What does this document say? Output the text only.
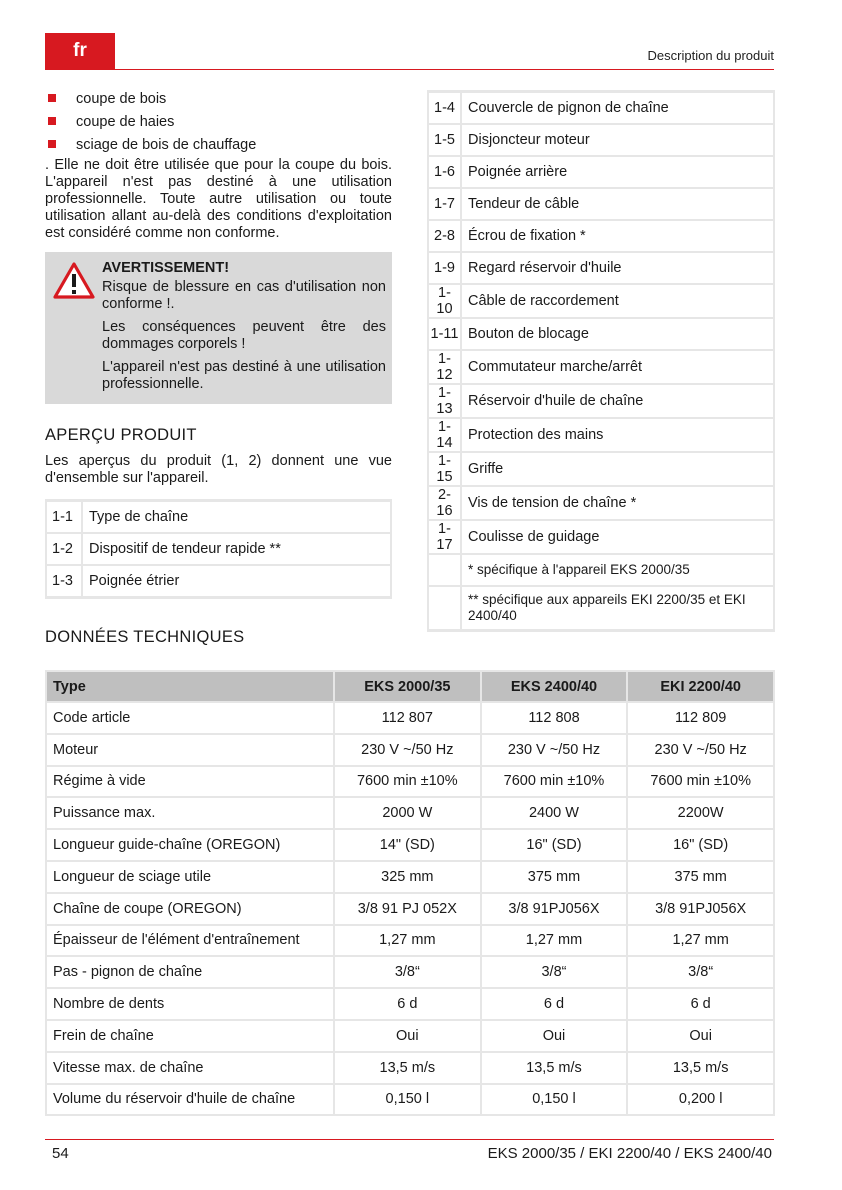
fr	Description du produit
coupe de bois
coupe de haies
sciage de bois de chauffage

. Elle ne doit être utilisée que pour la coupe du bois. L'appareil n'est pas destiné à une utilisation professionnelle. Toute autre utilisation ou toute utilisation allant au-delà des conditions d'exploitation est considéré comme non conforme.

AVERTISSEMENT!

Risque de blessure en cas d'utilisation non conforme !.

Les conséquences peuvent être des dommages corporels !

L'appareil n'est pas destiné à une utilisation professionnelle.

APERÇU PRODUIT

Les aperçus du produit (1, 2) donnent une vue d'ensemble sur l'appareil.

1-1	Type de chaîne
1-2	Dispositif de tendeur rapide **
1-3	Poignée étrier
1-4	Couvercle de pignon de chaîne
1-5	Disjoncteur moteur
1-6	Poignée arrière
1-7	Tendeur de câble
2-8	Écrou de fixation *
1-9	Regard réservoir d'huile
1-10	Câble de raccordement
1-11	Bouton de blocage
1-12	Commutateur marche/arrêt
1-13	Réservoir d'huile de chaîne
1-14	Protection des mains
1-15	Griffe
2-16	Vis de tension de chaîne *
1-17	Coulisse de guidage
	* spécifique à l'appareil EKS 2000/35
	** spécifique aux appareils EKI 2200/35 et EKI 2400/40
DONNÉES TECHNIQUES
Type	EKS 2000/35	EKS 2400/40	EKI 2200/40
Code article	112 807	112 808	112 809
Moteur	230 V ~/50 Hz	230 V ~/50 Hz	230 V ~/50 Hz
Régime à vide	7600 min ±10%	7600 min ±10%	7600 min ±10%
Puissance max.	2000 W	2400 W	2200W
Longueur guide-chaîne (OREGON)	14" (SD)	16" (SD)	16" (SD)
Longueur de sciage utile	325 mm	375 mm	375 mm
Chaîne de coupe (OREGON)	3/8 91 PJ 052X	3/8 91PJ056X	3/8 91PJ056X
Épaisseur de l'élément d'entraînement	1,27 mm	1,27 mm	1,27 mm
Pas - pignon de chaîne	3/8“	3/8“	3/8“
Nombre de dents	6 d	6 d	6 d
Frein de chaîne	Oui	Oui	Oui
Vitesse max. de chaîne	13,5 m/s	13,5 m/s	13,5 m/s
Volume du réservoir d'huile de chaîne	0,150 l	0,150 l	0,200 l
54	EKS 2000/35 / EKI 2200/40 / EKS 2400/40
